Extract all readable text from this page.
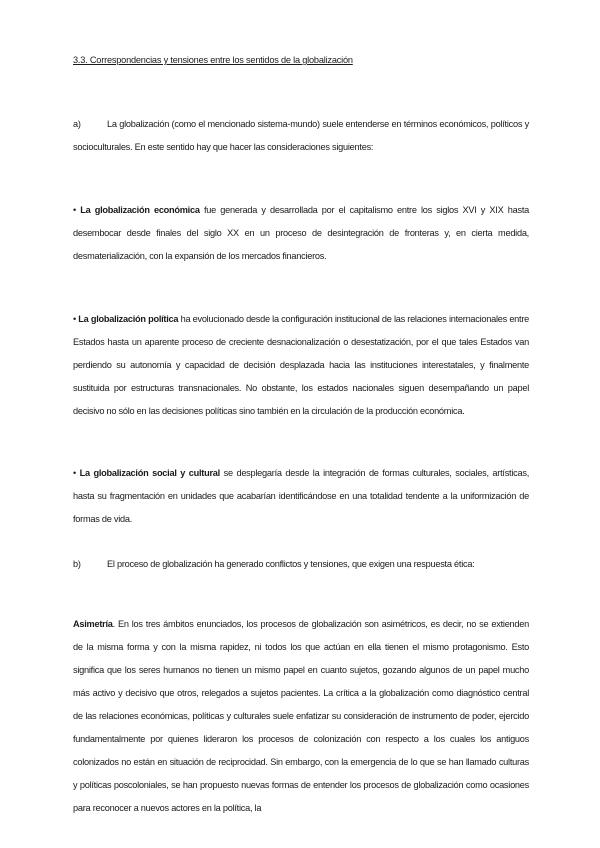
3.3. Correspondencias y tensiones entre los sentidos de la globalización

a)	La globalización (como el mencionado sistema-mundo) suele entenderse en términos económicos, políticos y socioculturales. En este sentido hay que hacer las consideraciones siguientes:

• La globalización económica fue generada y desarrollada por el capitalismo entre los siglos XVI y XIX hasta desembocar desde finales del siglo XX en un proceso de desintegración de fronteras y, en cierta medida, desmaterialización, con la expansión de los mercados financieros.

• La globalización política ha evolucionado desde la configuración institucional de las relaciones internacionales entre Estados hasta un aparente proceso de creciente desnacionalización o desestatización, por el que tales Estados van perdiendo su autonomía y capacidad de decisión desplazada hacia las instituciones interestatales, y finalmente sustituida por estructuras transnacionales. No obstante, los estados nacionales siguen desempañando un papel decisivo no sólo en las decisiones políticas sino también en la circulación de la producción económica.

• La globalización social y cultural se desplegaría desde la integración de formas culturales, sociales, artísticas, hasta su fragmentación en unidades que acabarían identificándose en una totalidad tendente a la uniformización de formas de vida.

b)	El proceso de globalización ha generado conflictos y tensiones, que exigen una respuesta ética:

Asimetría. En los tres ámbitos enunciados, los procesos de globalización son asimétricos, es decir, no se extienden de la misma forma y con la misma rapidez, ni todos los que actúan en ella tienen el mismo protagonismo. Esto significa que los seres humanos no tienen un mismo papel en cuanto sujetos, gozando algunos de un papel mucho más activo y decisivo que otros, relegados a sujetos pacientes. La crítica a la globalización como diagnóstico central de las relaciones económicas, políticas y culturales suele enfatizar su consideración de instrumento de poder, ejercido fundamentalmente por quienes lideraron los procesos de colonización con respecto a los cuales los antiguos colonizados no están en situación de reciprocidad. Sin embargo, con la emergencia de lo que se han llamado culturas y políticas poscoloniales, se han propuesto nuevas formas de entender los procesos de globalización como ocasiones para reconocer a nuevos actores en la política, la
